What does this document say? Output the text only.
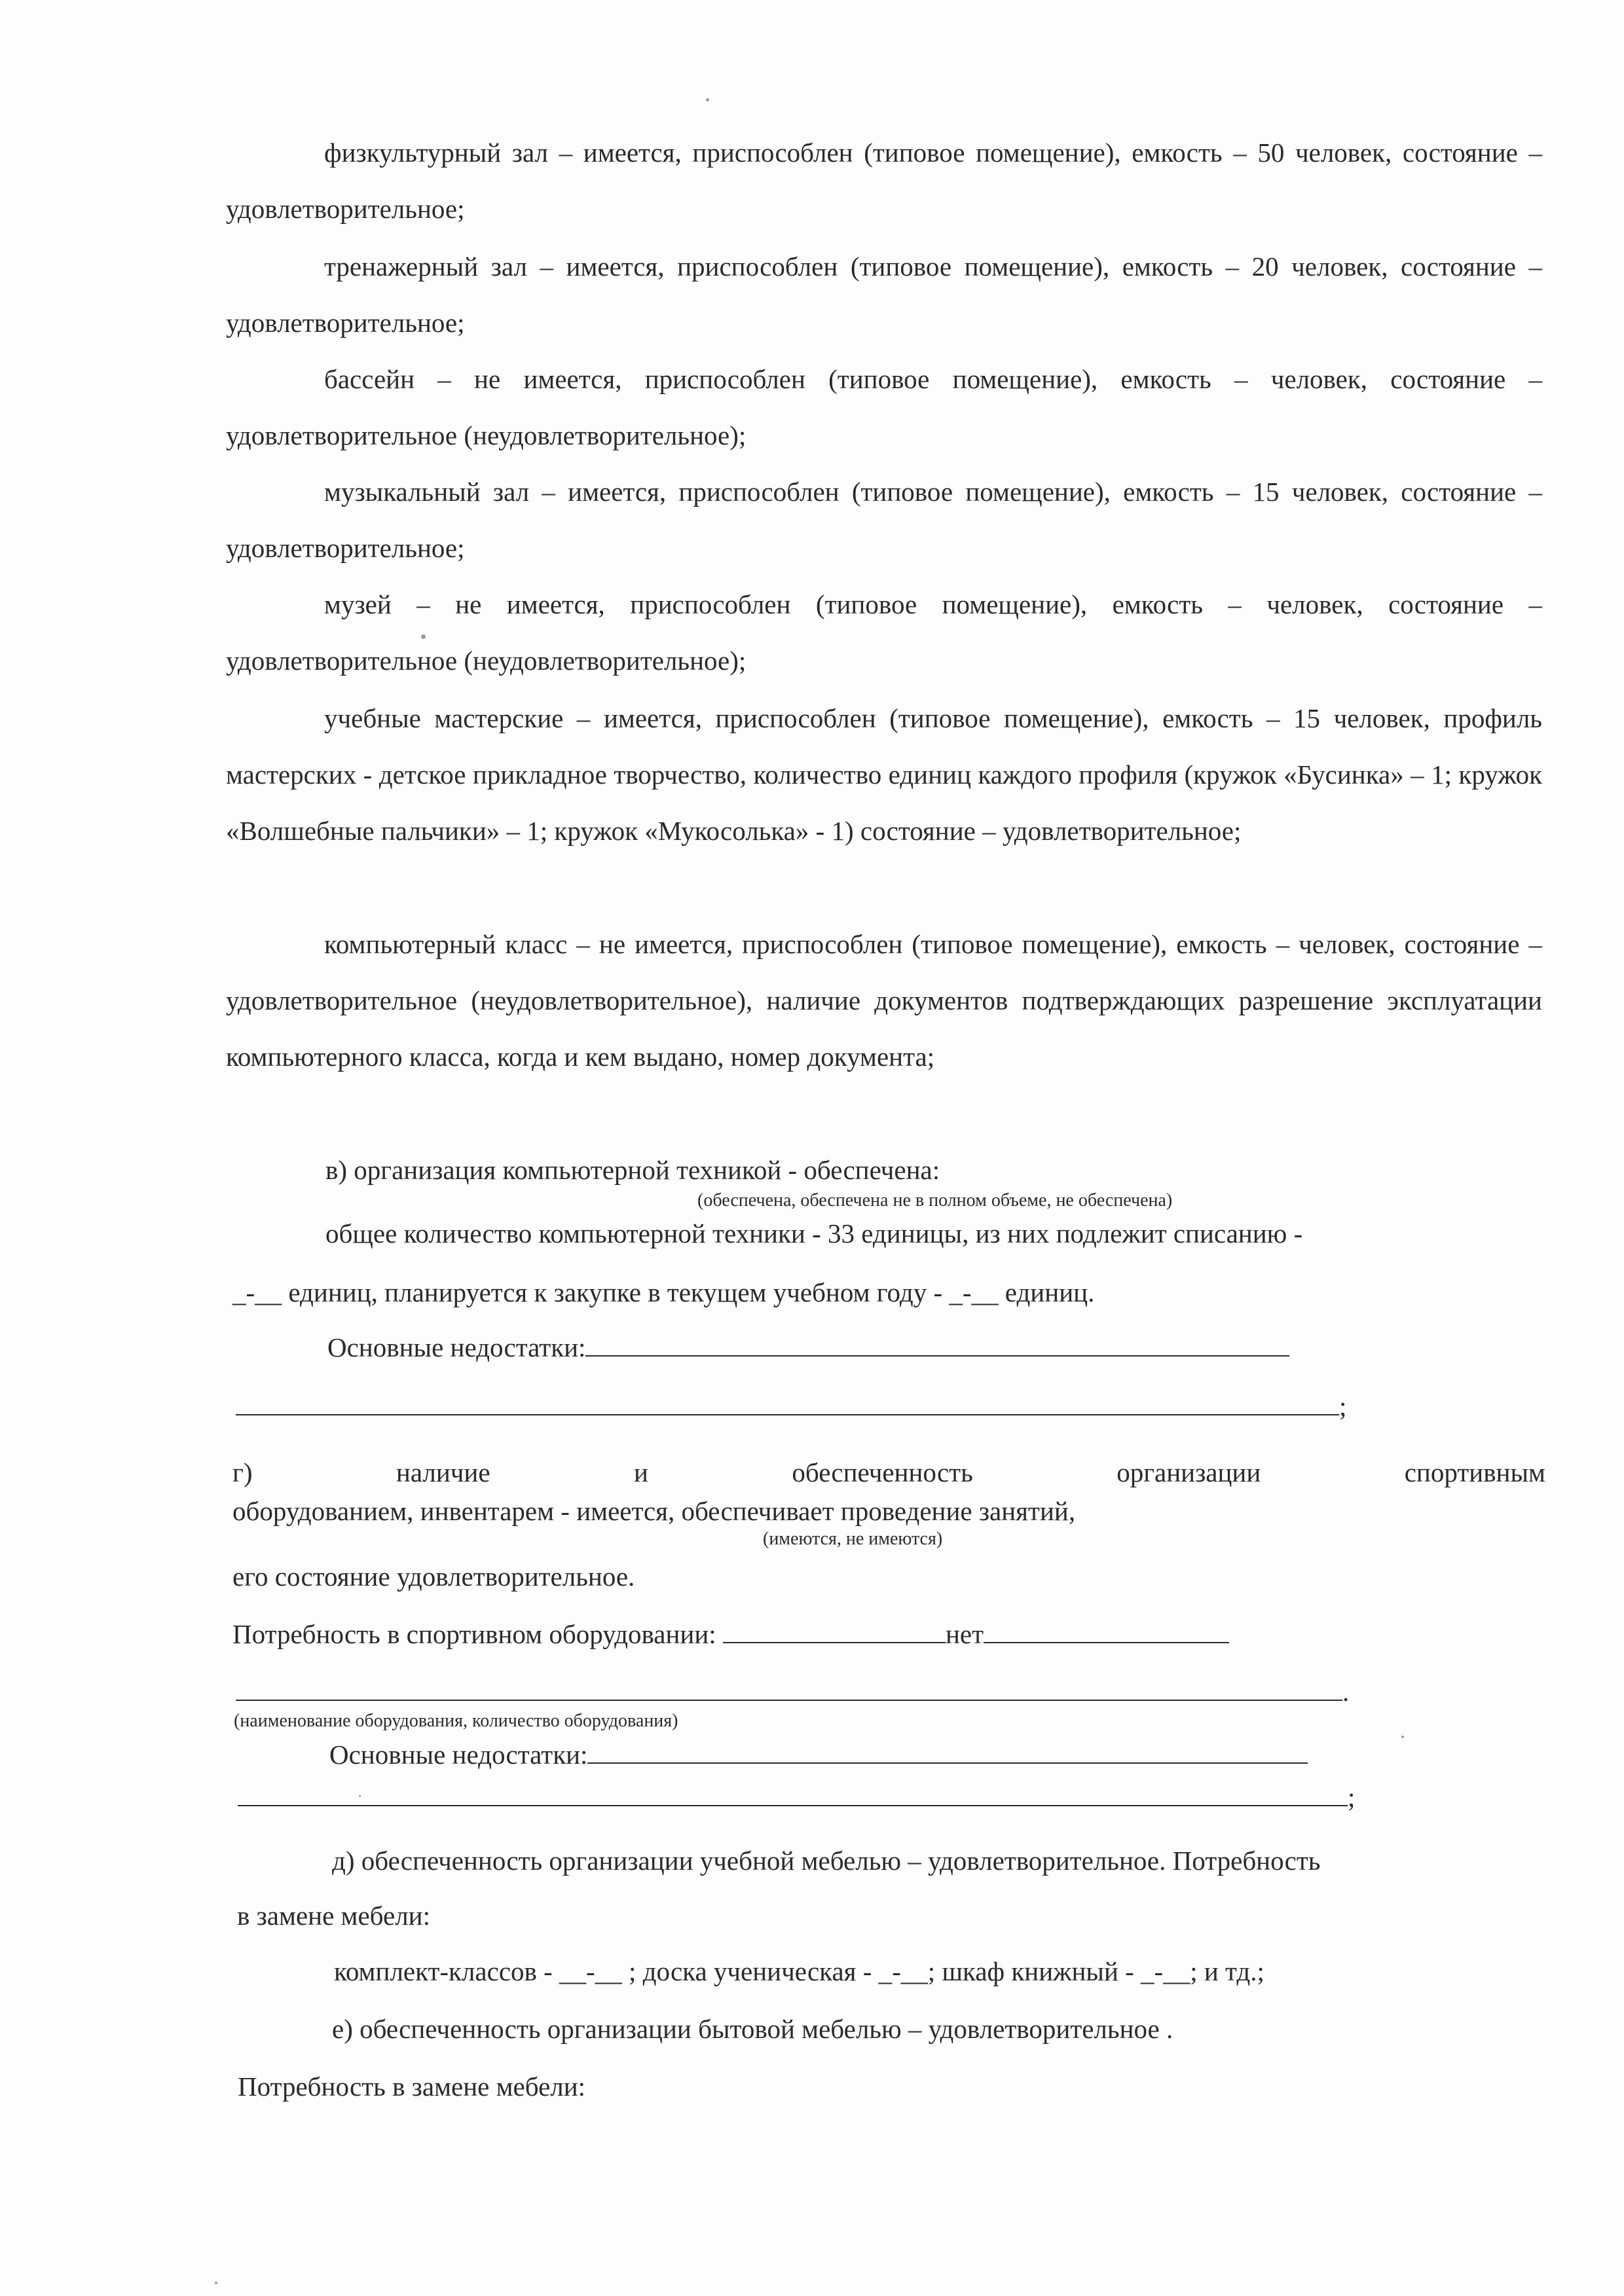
физкультурный зал – имеется, приспособлен (типовое помещение), емкость – 50 человек, состояние – удовлетворительное;

тренажерный зал – имеется, приспособлен (типовое помещение), емкость – 20 человек, состояние – удовлетворительное;

бассейн – не имеется, приспособлен (типовое помещение), емкость – человек, состояние – удовлетворительное (неудовлетворительное);

музыкальный зал – имеется, приспособлен (типовое помещение), емкость – 15 человек, состояние – удовлетворительное;

музей – не имеется, приспособлен (типовое помещение), емкость – человек, состояние – удовлетворительное (неудовлетворительное);

учебные мастерские – имеется, приспособлен (типовое помещение), емкость – 15 человек, профиль мастерских - детское прикладное творчество, количество единиц каждого профиля (кружок «Бусинка» – 1; кружок «Волшебные пальчики» – 1; кружок «Мукосолька» - 1) состояние – удовлетворительное;

компьютерный класс – не имеется, приспособлен (типовое помещение), емкость – человек, состояние – удовлетворительное (неудовлетворительное), наличие документов подтверждающих разрешение эксплуатации компьютерного класса, когда и кем выдано, номер документа;

в) организация компьютерной техникой - обеспечена:

(обеспечена, обеспечена не в полном объеме, не обеспечена)

общее количество компьютерной техники - 33 единицы, из них подлежит списанию -

_-__ единиц, планируется к закупке в текущем учебном году - _-__ единиц.

Основные недостатки:

;

г)	наличие	и	обеспеченность	организации	спортивным

оборудованием, инвентарем - имеется, обеспечивает проведение занятий,

(имеются, не имеются)

его состояние удовлетворительное.

Потребность в спортивном оборудовании:	нет

.

(наименование оборудования, количество оборудования)

Основные недостатки:

;

д) обеспеченность организации учебной мебелью – удовлетворительное. Потребность

в замене мебели:

комплект-классов - __-__ ; доска ученическая - _-__; шкаф книжный - _-__; и тд.;

е) обеспеченность организации бытовой мебелью – удовлетворительное .

Потребность в замене мебели:
